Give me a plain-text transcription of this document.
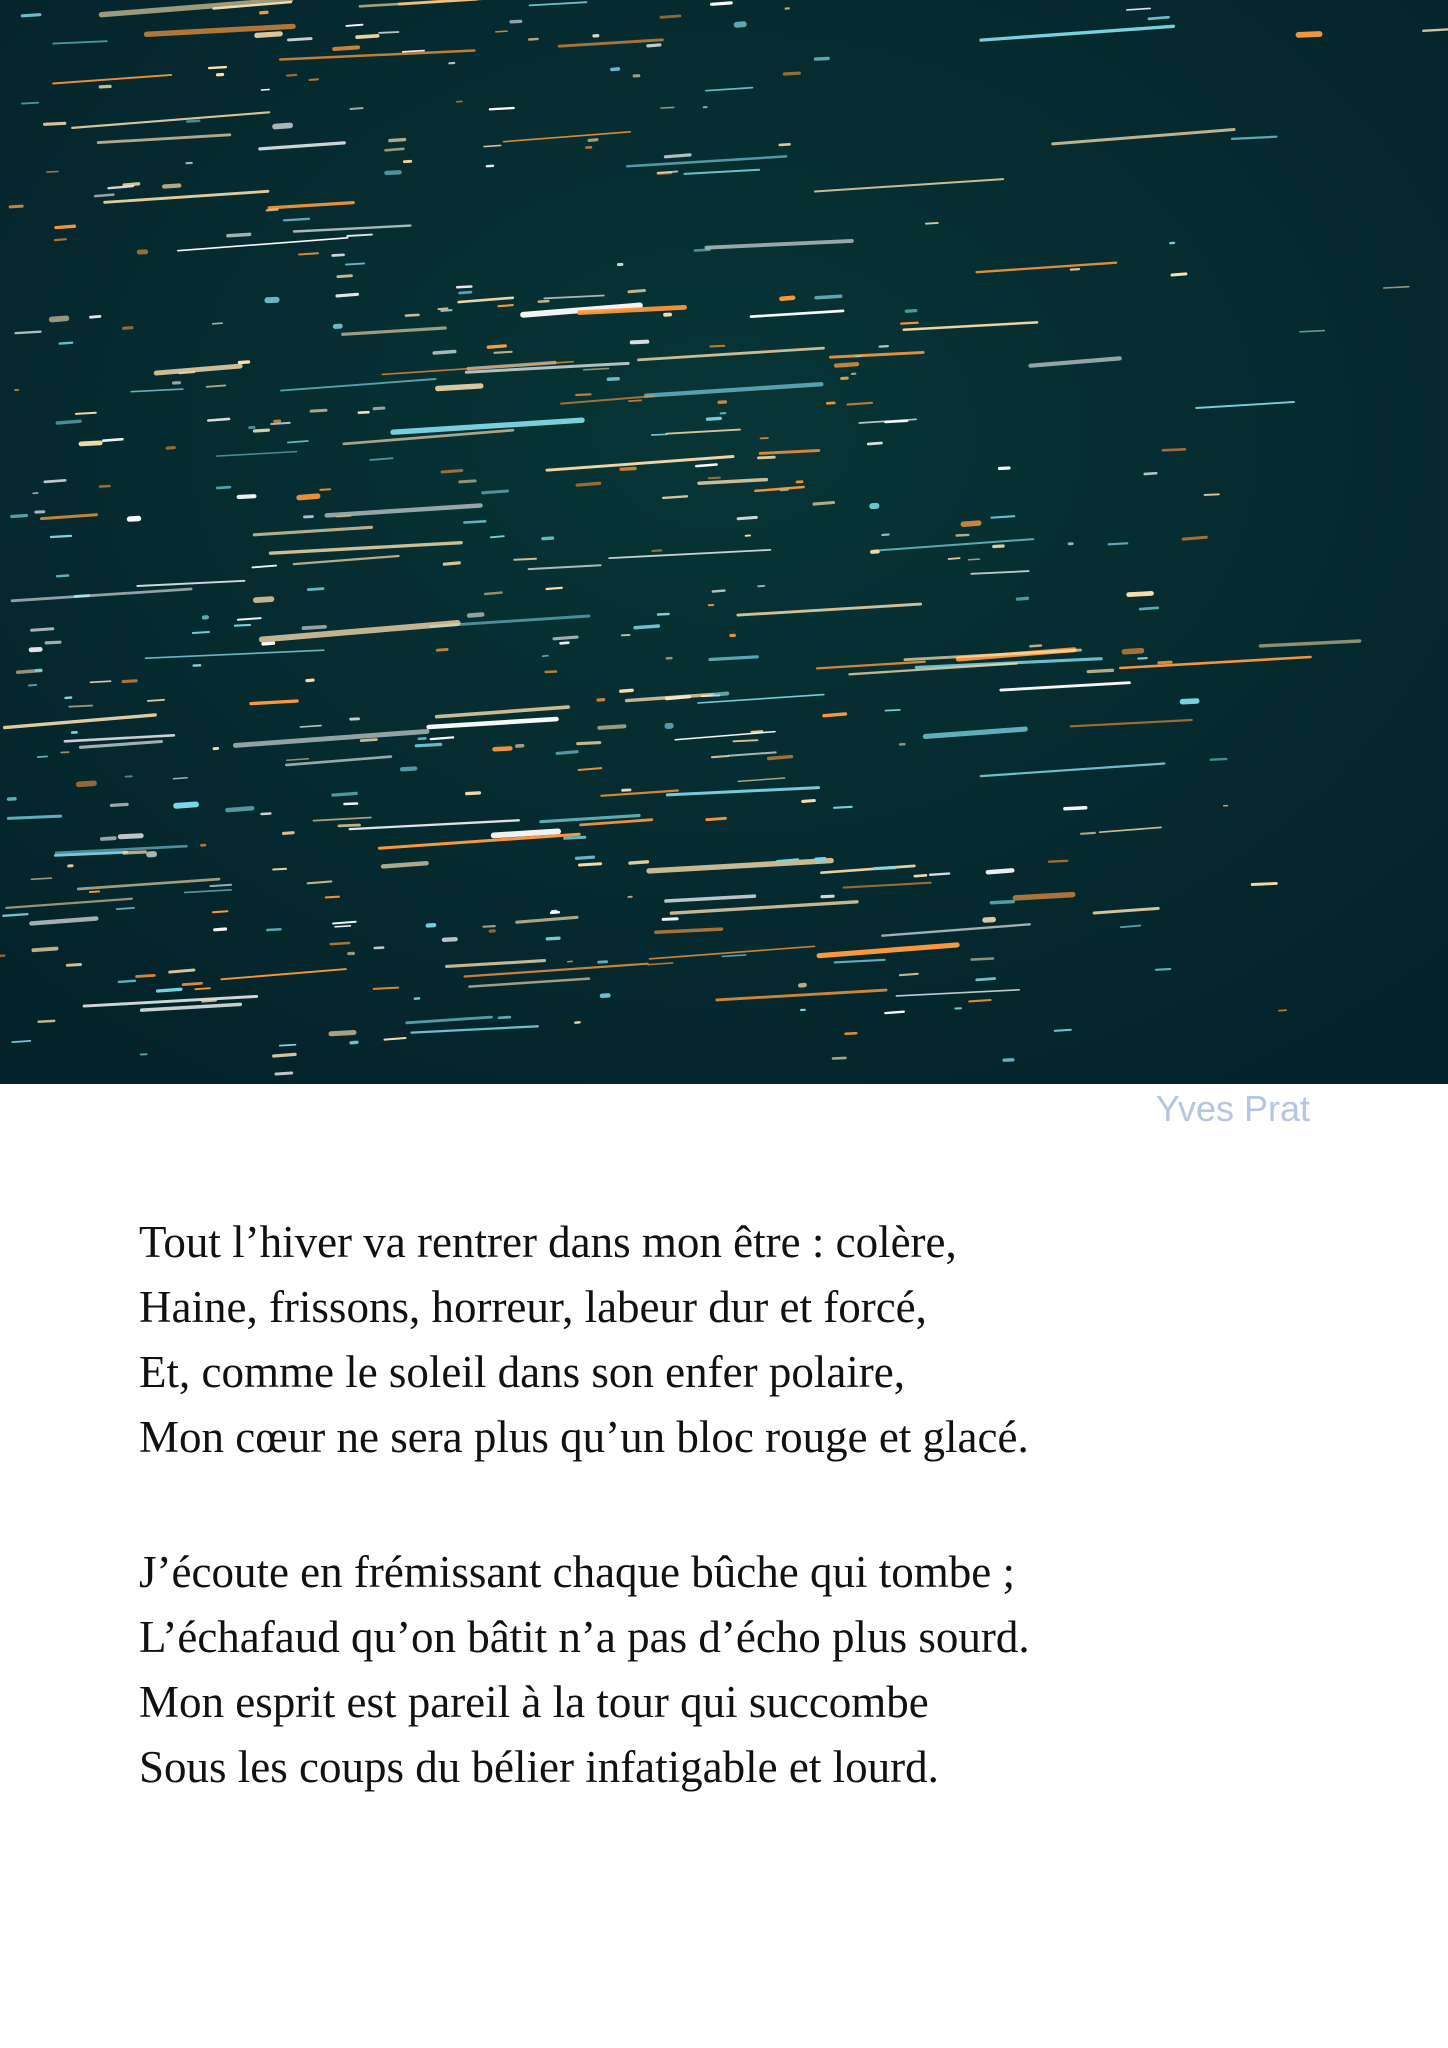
Yves Prat

Tout l’hiver va rentrer dans mon être : colère,
Haine, frissons, horreur, labeur dur et forcé,
Et, comme le soleil dans son enfer polaire,
Mon cœur ne sera plus qu’un bloc rouge et glacé.

J’écoute en frémissant chaque bûche qui tombe ;
L’échafaud qu’on bâtit n’a pas d’écho plus sourd.
Mon esprit est pareil à la tour qui succombe
Sous les coups du bélier infatigable et lourd.
